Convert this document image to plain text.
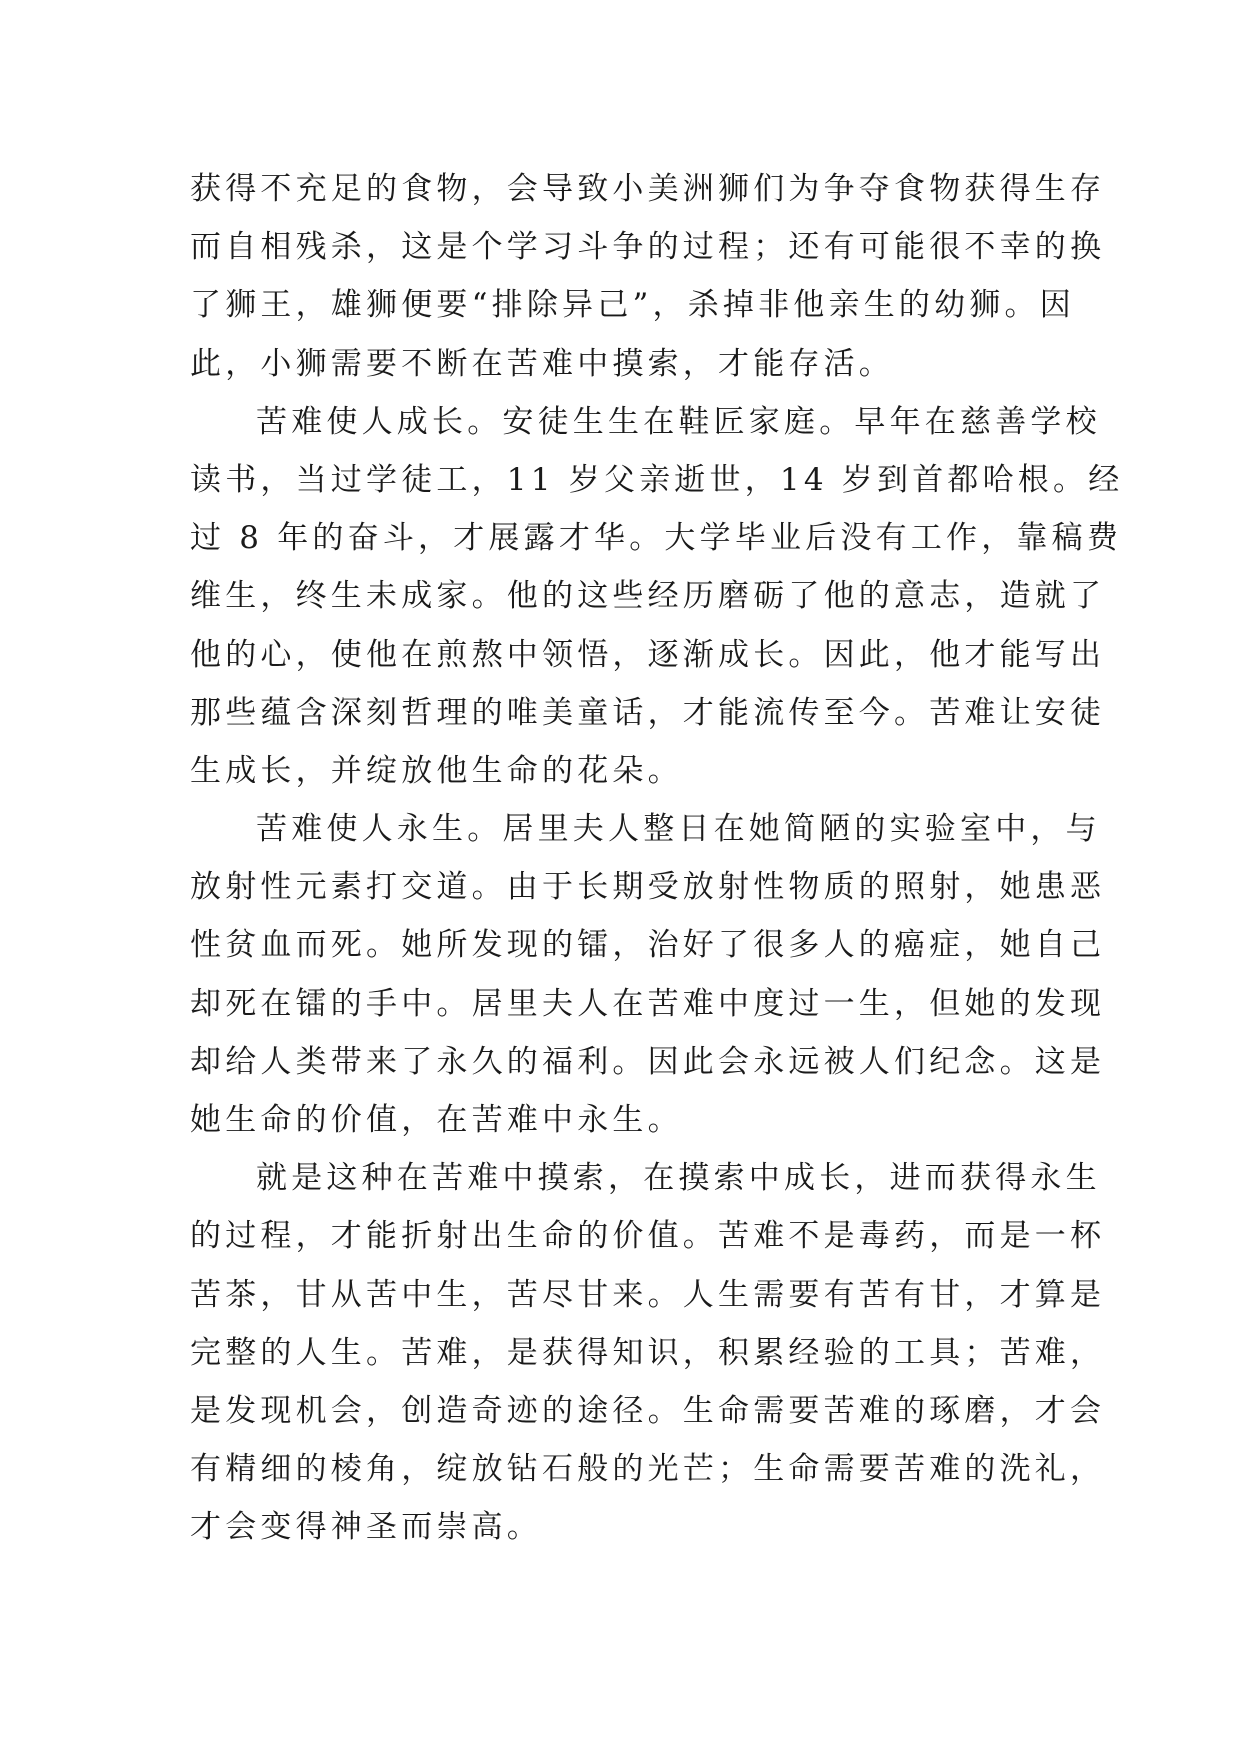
获得不充足的食物，会导致小美洲狮们为争夺食物获得生存
而自相残杀，这是个学习斗争的过程；还有可能很不幸的换
了狮王，雄狮便要“排除异己”，杀掉非他亲生的幼狮。因
此，小狮需要不断在苦难中摸索，才能存活。
苦难使人成长。安徒生生在鞋匠家庭。早年在慈善学校
读书，当过学徒工，11 岁父亲逝世，14 岁到首都哈根。经
过 8 年的奋斗，才展露才华。大学毕业后没有工作，靠稿费
维生，终生未成家。他的这些经历磨砺了他的意志，造就了
他的心，使他在煎熬中领悟，逐渐成长。因此，他才能写出
那些蕴含深刻哲理的唯美童话，才能流传至今。苦难让安徒
生成长，并绽放他生命的花朵。
苦难使人永生。居里夫人整日在她简陋的实验室中，与
放射性元素打交道。由于长期受放射性物质的照射，她患恶
性贫血而死。她所发现的镭，治好了很多人的癌症，她自己
却死在镭的手中。居里夫人在苦难中度过一生，但她的发现
却给人类带来了永久的福利。因此会永远被人们纪念。这是
她生命的价值，在苦难中永生。
就是这种在苦难中摸索，在摸索中成长，进而获得永生
的过程，才能折射出生命的价值。苦难不是毒药，而是一杯
苦茶，甘从苦中生，苦尽甘来。人生需要有苦有甘，才算是
完整的人生。苦难，是获得知识，积累经验的工具；苦难，
是发现机会，创造奇迹的途径。生命需要苦难的琢磨，才会
有精细的棱角，绽放钻石般的光芒；生命需要苦难的洗礼，
才会变得神圣而崇高。
